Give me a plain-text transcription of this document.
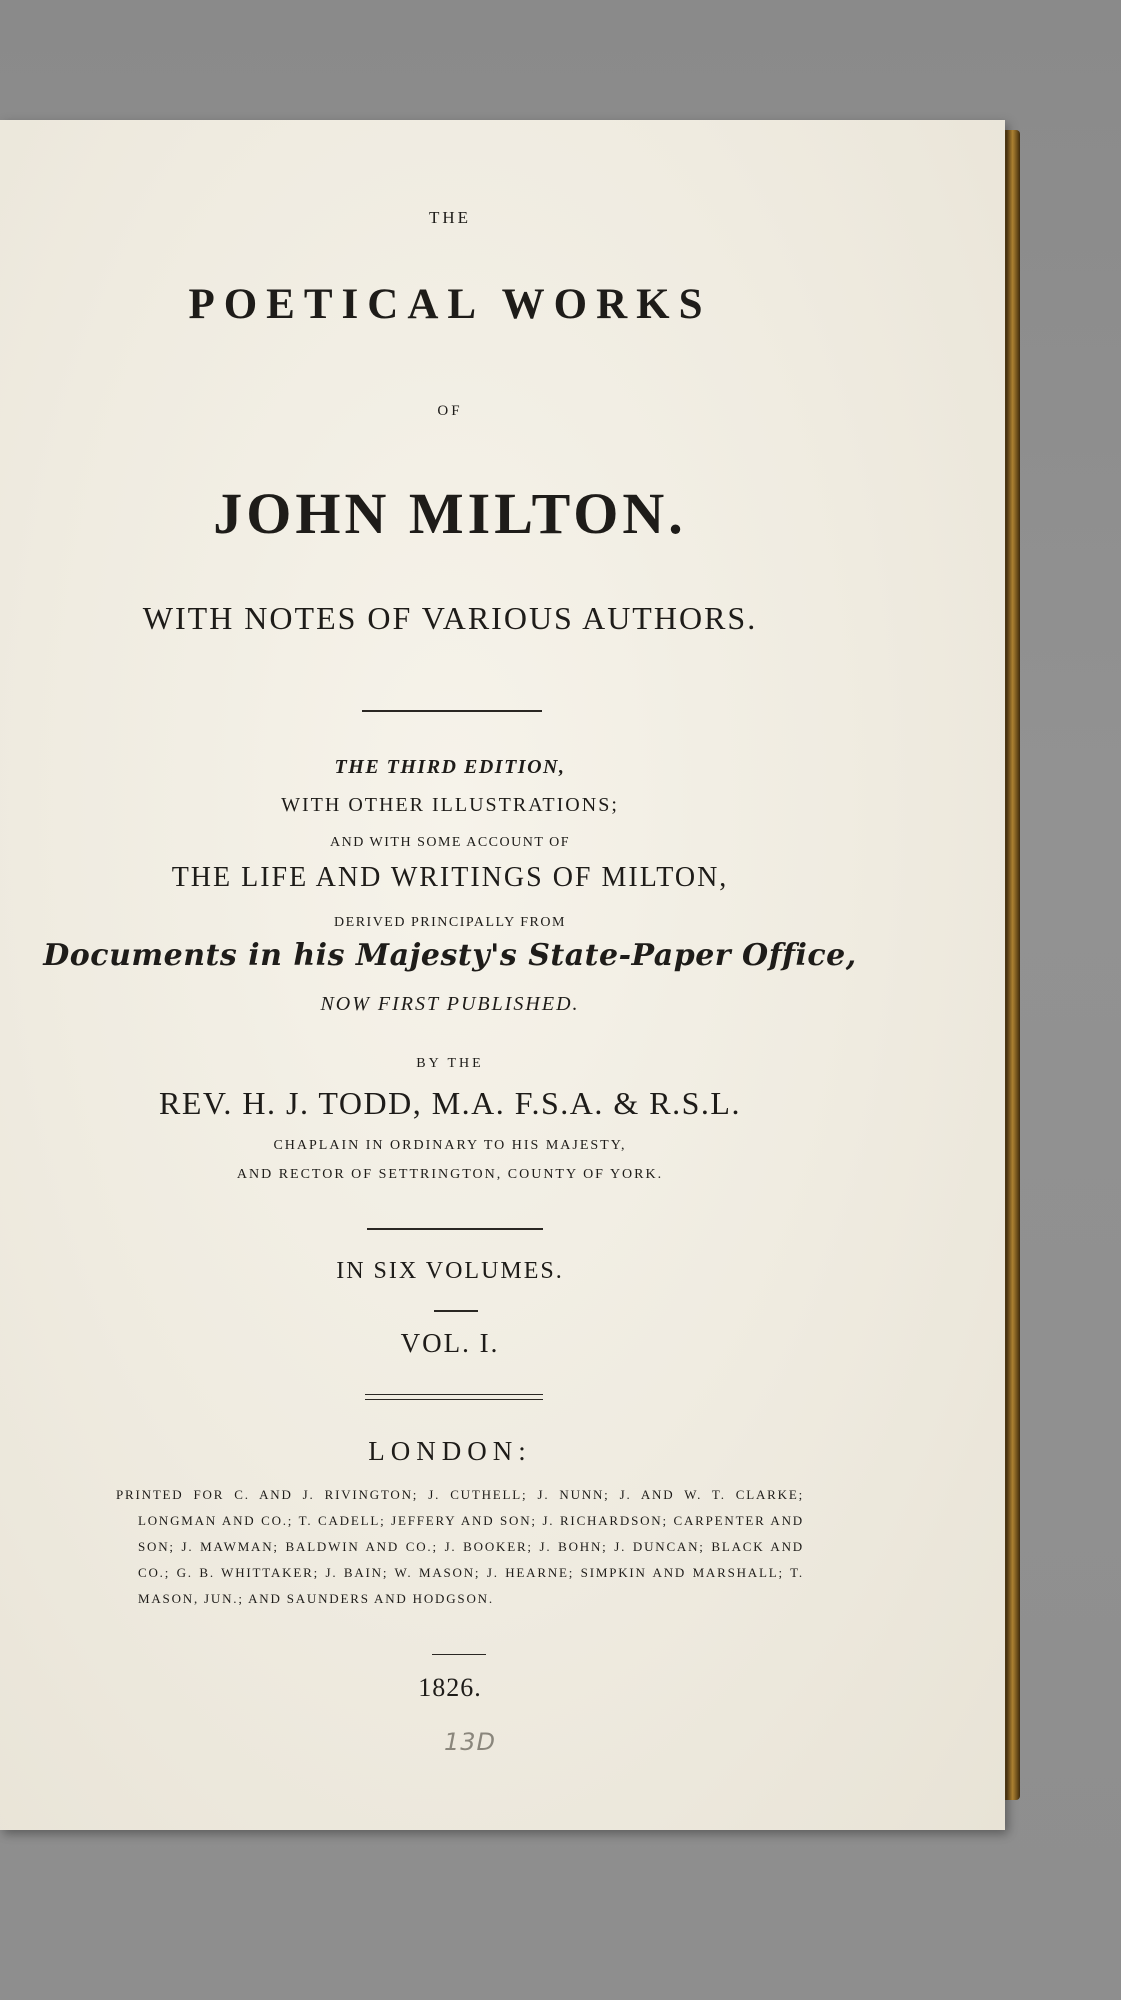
THE
POETICAL WORKS
OF
JOHN MILTON.
WITH NOTES OF VARIOUS AUTHORS.
THE THIRD EDITION,
WITH OTHER ILLUSTRATIONS;
AND WITH SOME ACCOUNT OF
THE LIFE AND WRITINGS OF MILTON,
DERIVED PRINCIPALLY FROM
Documents in his Majesty's State-Paper Office,
NOW FIRST PUBLISHED.
BY THE
REV. H. J. TODD, M.A. F.S.A. & R.S.L.
CHAPLAIN IN ORDINARY TO HIS MAJESTY,
AND RECTOR OF SETTRINGTON, COUNTY OF YORK.
IN SIX VOLUMES.
VOL. I.
LONDON:
PRINTED FOR C. AND J. RIVINGTON; J. CUTHELL; J. NUNN; J. AND W. T. CLARKE; LONGMAN AND CO.; T. CADELL; JEFFERY AND SON; J. RICHARDSON; CARPENTER AND SON; J. MAWMAN; BALDWIN AND CO.; J. BOOKER; J. BOHN; J. DUNCAN; BLACK AND CO.; G. B. WHITTAKER; J. BAIN; W. MASON; J. HEARNE; SIMPKIN AND MARSHALL; T. MASON, JUN.; AND SAUNDERS AND HODGSON.
1826.
13D
